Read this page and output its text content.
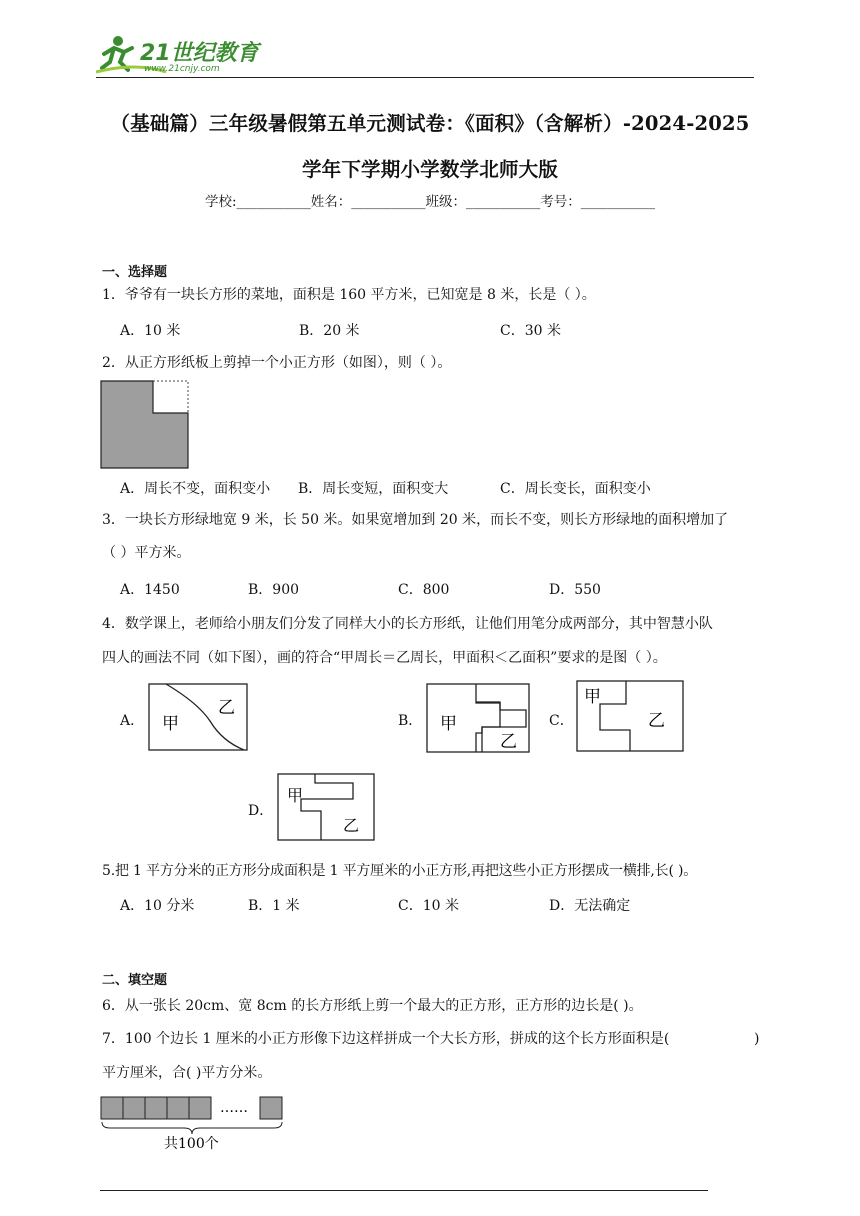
21世纪教育
www.21cnjy.com
（基础篇）三年级暑假第五单元测试卷：《面积》（含解析）-2024-2025
学年下学期小学数学北师大版
学校:___________姓名：___________班级：___________考号：___________
一、选择题
1．爷爷有一块长方形的菜地，面积是 160 平方米，已知宽是 8 米，长是（ ）。
A．10 米	B．20 米	C．30 米
2．从正方形纸板上剪掉一个小正方形（如图），则（ ）。
A．周长不变，面积变小 B．周长变短，面积变大	C．周长变长，面积变小
3．一块长方形绿地宽 9 米，长 50 米。如果宽增加到 20 米，而长不变，则长方形绿地的面积增加了
（ ）平方米。
A．1450	B．900	C．800	D．550
4．数学课上，老师给小朋友们分发了同样大小的长方形纸，让他们用笔分成两部分，其中智慧小队
四人的画法不同（如下图），画的符合“甲周长＝乙周长，甲面积＜乙面积”要求的是图（ ）。
A． 甲
乙
B． 甲
乙
C．
甲
乙
D．
甲
乙
5.把 1 平方分米的正方形分成面积是 1 平方厘米的小正方形,再把这些小正方形摆成一横排,长( )。
A．10 分米	B．1 米	C．10 米	D．无法确定
二、填空题
6．从一张长 20cm、宽 8cm 的长方形纸上剪一个最大的正方形，正方形的边长是( )。
7．100 个边长 1 厘米的小正方形像下边这样拼成一个大长方形，拼成的这个长方形面积是(	)
平方厘米，合( )平方分米。
……
共100个
